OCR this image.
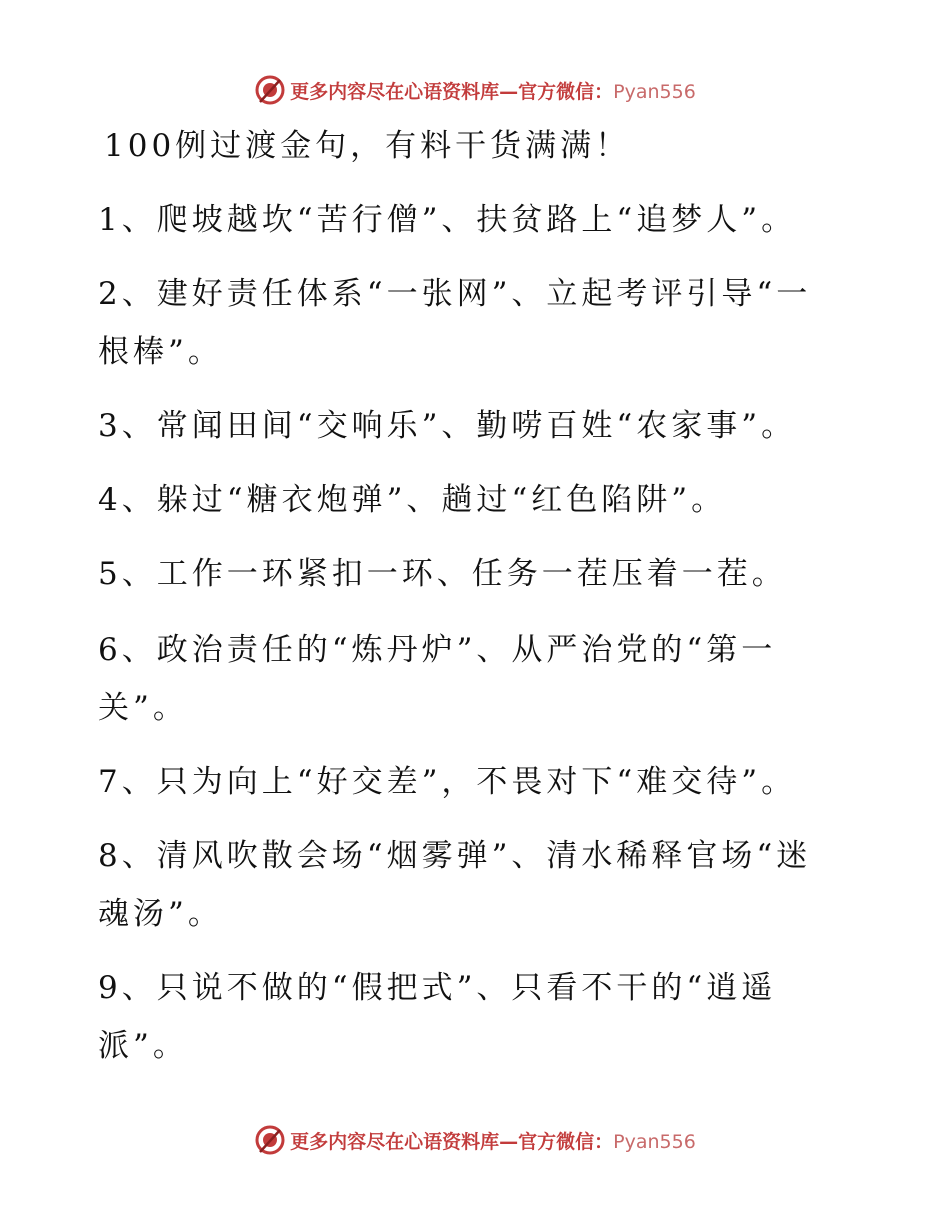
更多内容尽在心语资料库—官方微信：Pyan556
100例过渡金句，有料干货满满！
1、爬坡越坎“苦行僧”、扶贫路上“追梦人”。
2、建好责任体系“一张网”、立起考评引导“一
根棒”。
3、常闻田间“交响乐”、勤唠百姓“农家事”。
4、躲过“糖衣炮弹”、趟过“红色陷阱”。
5、工作一环紧扣一环、任务一茬压着一茬。
6、政治责任的“炼丹炉”、从严治党的“第一
关”。
7、只为向上“好交差”，不畏对下“难交待”。
8、清风吹散会场“烟雾弹”、清水稀释官场“迷
魂汤”。
9、只说不做的“假把式”、只看不干的“逍遥
派”。
更多内容尽在心语资料库—官方微信：Pyan556
